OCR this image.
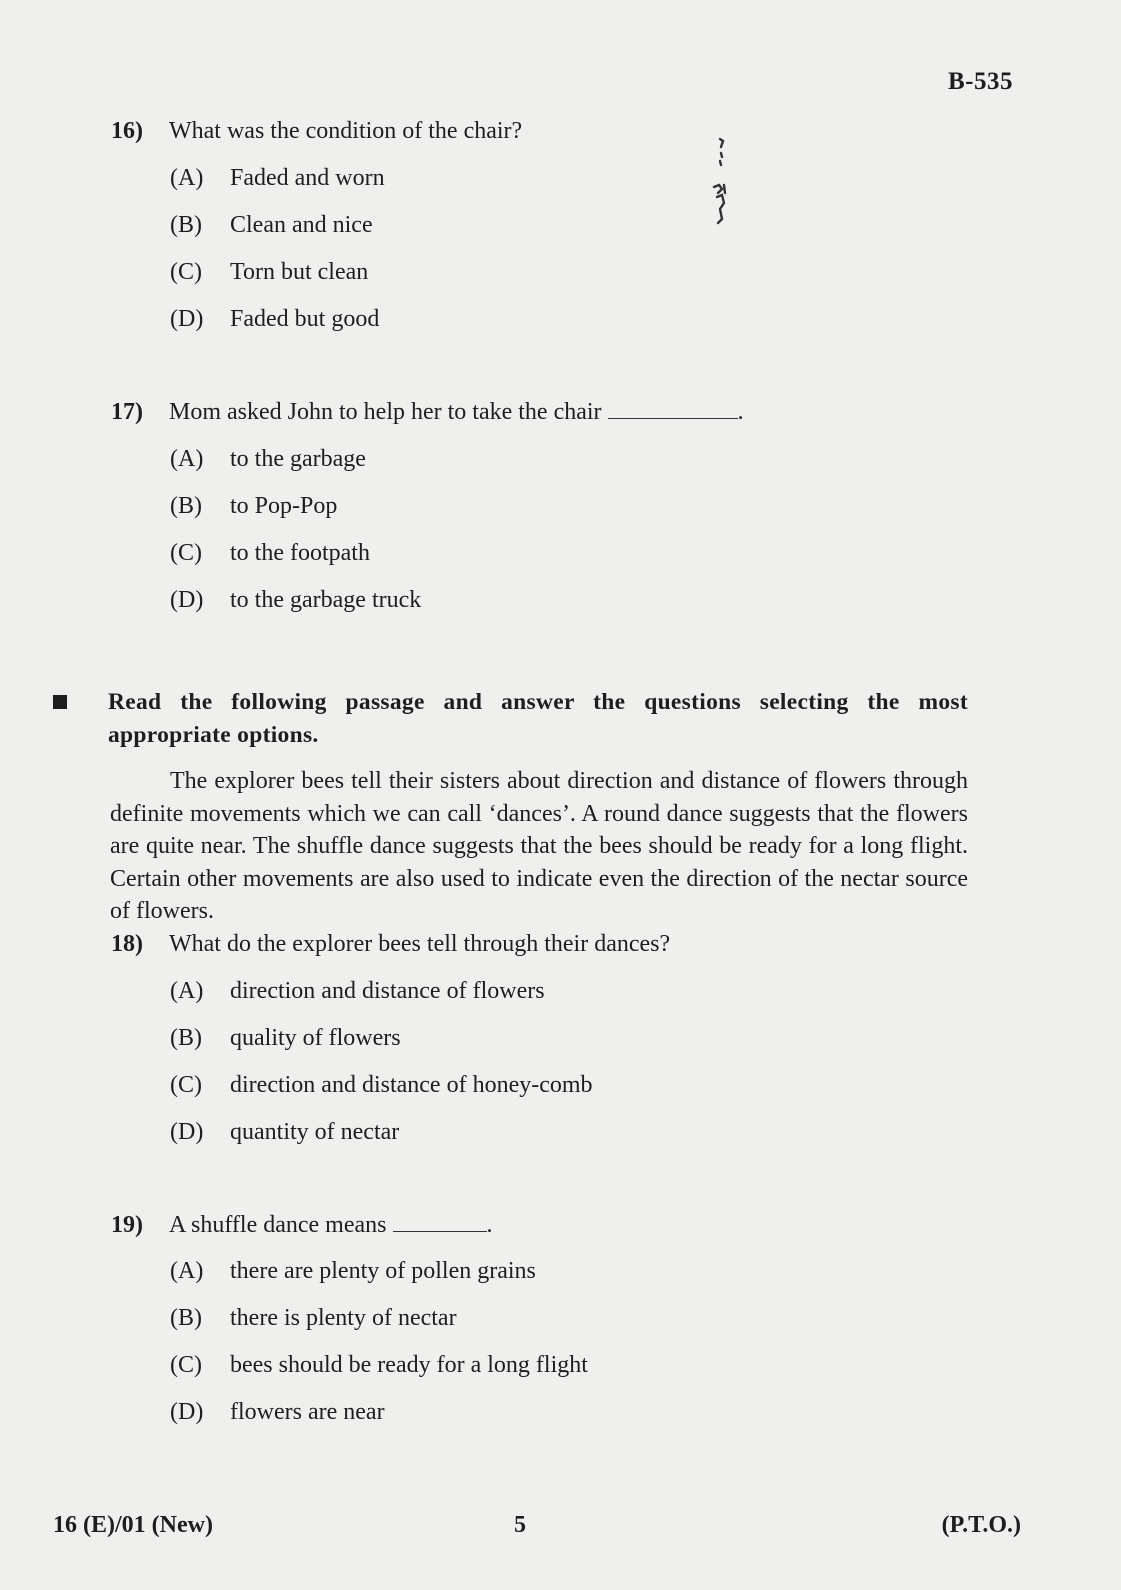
B-535
16) What was the condition of the chair?
(A) Faded and worn
(B) Clean and nice
(C) Torn but clean
(D) Faded but good
17) Mom asked John to help her to take the chair	.
(A) to the garbage
(B) to Pop-Pop
(C) to the footpath
(D) to the garbage truck
Read the following passage and answer the questions selecting the most appropriate options.
The explorer bees tell their sisters about direction and distance of flowers through definite movements which we can call ‘dances’. A round dance suggests that the flowers are quite near. The shuffle dance suggests that the bees should be ready for a long flight. Certain other movements are also used to indicate even the direction of the nectar source of flowers.
18) What do the explorer bees tell through their dances?
(A) direction and distance of flowers
(B) quality of flowers
(C) direction and distance of honey-comb
(D) quantity of nectar
19) A shuffle dance means	.
(A) there are plenty of pollen grains
(B) there is plenty of nectar
(C) bees should be ready for a long flight
(D) flowers are near
16 (E)/01 (New)	5	(P.T.O.)
